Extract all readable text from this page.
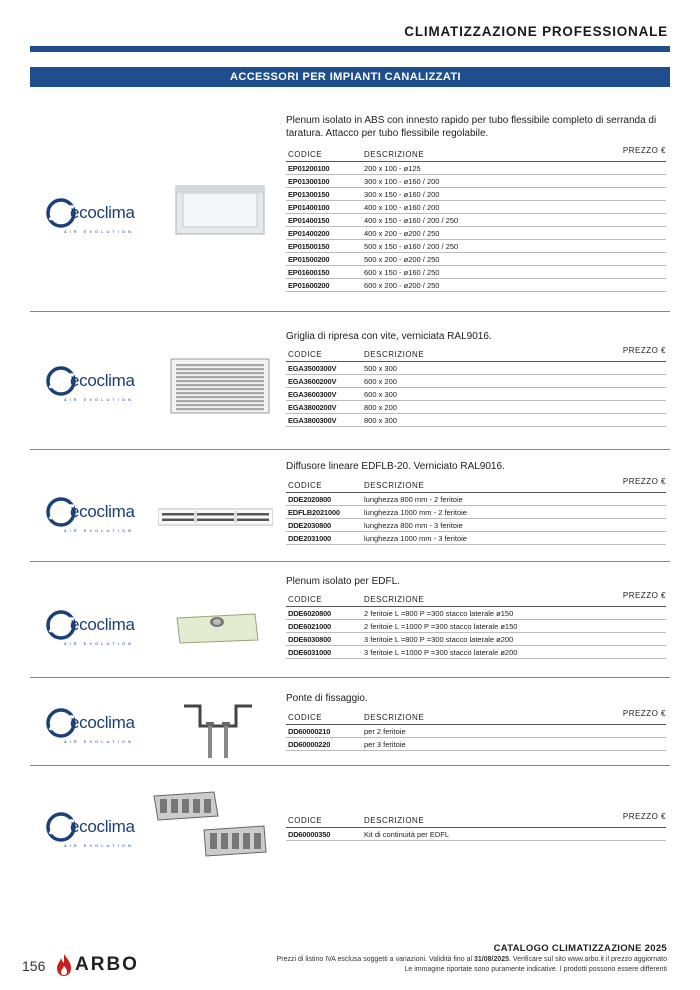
CLIMATIZZAZIONE PROFESSIONALE
ACCESSORI PER IMPIANTI CANALIZZATI
ecoclima
AIR EVOLUTION
Plenum isolato in ABS con innesto rapido per tubo flessibile completo di serranda di taratura. Attacco per tubo flessibile regolabile.
CODICE	DESCRIZIONE	PREZZO €
EP01200100	200 x 100 - ø125
EP01300100	300 x 100 - ø160 / 200
EP01300150	300 x 150 - ø160 / 200
EP01400100	400 x 100 - ø160 / 200
EP01400150	400 x 150 - ø160 / 200 / 250
EP01400200	400 x 200 - ø200 / 250
EP01500150	500 x 150 - ø160 / 200 / 250
EP01500200	500 x 200 - ø200 / 250
EP01600150	600 x 150 - ø160 / 250
EP01600200	600 x 200 - ø200 / 250
ecoclima
AIR EVOLUTION
Griglia di ripresa con vite, verniciata RAL9016.
CODICE	DESCRIZIONE	PREZZO €
EGA3500300V	500 x 300
EGA3600200V	600 x 200
EGA3600300V	600 x 300
EGA3800200V	800 x 200
EGA3800300V	800 x 300
ecoclima
AIR EVOLUTION
Diffusore lineare EDFLB-20. Verniciato RAL9016.
CODICE	DESCRIZIONE	PREZZO €
DDE2020800	lunghezza 800 mm - 2 feritoie
EDFLB2021000	lunghezza 1000 mm - 2 feritoie
DDE2030800	lunghezza 800 mm - 3 feritoie
DDE2031000	lunghezza 1000 mm - 3 feritoie
ecoclima
AIR EVOLUTION
Plenum isolato per EDFL.
CODICE	DESCRIZIONE	PREZZO €
DDE6020800	2 feritoie L =800 P =300 stacco laterale ø150
DDE6021000	2 feritoie L =1000 P =300 stacco laterale ø150
DDE6030800	3 feritoie L =800 P =300 stacco laterale ø200
DDE6031000	3 feritoie L =1000 P =300 stacco laterale ø200
ecoclima
AIR EVOLUTION
Ponte di fissaggio.
CODICE	DESCRIZIONE	PREZZO €
DD60000210	per 2 feritoie
DD60000220	per 3 feritoie
ecoclima
AIR EVOLUTION
CODICE	DESCRIZIONE	PREZZO €
DD60000350	Kit di continuità per EDFL
156 ARBO
CATALOGO CLIMATIZZAZIONE 2025
Prezzi di listino IVA esclusa soggetti a variazioni. Validità fino al 31/08/2025. Verificare sul sito www.arbo.it il prezzo aggiornato
Le immagine riportate sono puramente indicative. I prodotti possono essere differenti
